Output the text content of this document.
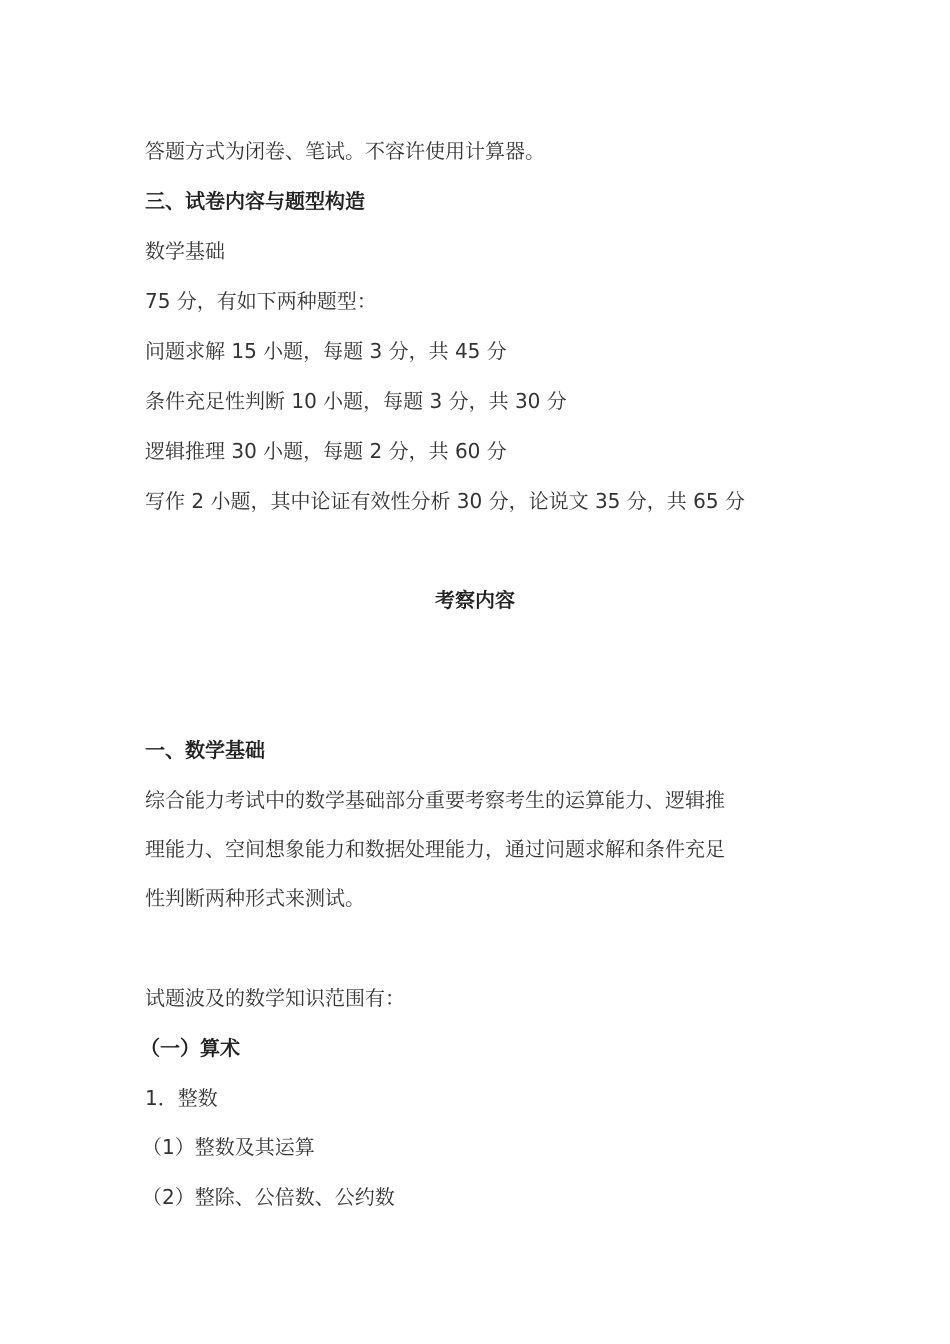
答题方式为闭卷、笔试。不容许使用计算器。
三、试卷内容与题型构造
数学基础
75 分，有如下两种题型：
问题求解 15 小题，每题 3 分，共 45 分
条件充足性判断 10 小题，每题 3 分，共 30 分
逻辑推理 30 小题，每题 2 分，共 60 分
写作 2 小题，其中论证有效性分析 30 分，论说文 35 分，共 65 分
考察内容
一、数学基础
综合能力考试中的数学基础部分重要考察考生的运算能力、逻辑推
理能力、空间想象能力和数据处理能力，通过问题求解和条件充足
性判断两种形式来测试。
试题波及的数学知识范围有：
（一）算术
1．整数
（1）整数及其运算
（2）整除、公倍数、公约数
